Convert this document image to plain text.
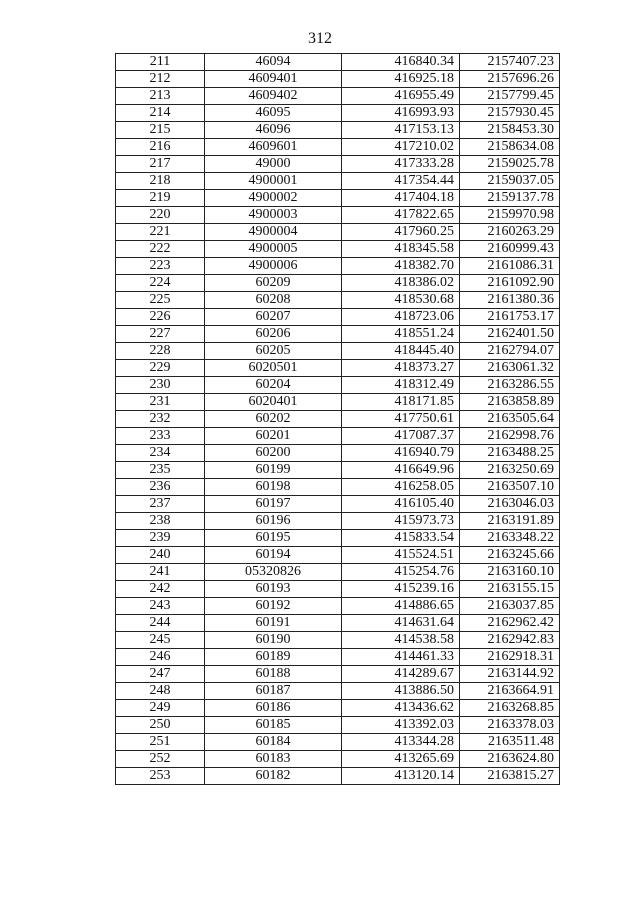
312
211	46094	416840.34	2157407.23
212	4609401	416925.18	2157696.26
213	4609402	416955.49	2157799.45
214	46095	416993.93	2157930.45
215	46096	417153.13	2158453.30
216	4609601	417210.02	2158634.08
217	49000	417333.28	2159025.78
218	4900001	417354.44	2159037.05
219	4900002	417404.18	2159137.78
220	4900003	417822.65	2159970.98
221	4900004	417960.25	2160263.29
222	4900005	418345.58	2160999.43
223	4900006	418382.70	2161086.31
224	60209	418386.02	2161092.90
225	60208	418530.68	2161380.36
226	60207	418723.06	2161753.17
227	60206	418551.24	2162401.50
228	60205	418445.40	2162794.07
229	6020501	418373.27	2163061.32
230	60204	418312.49	2163286.55
231	6020401	418171.85	2163858.89
232	60202	417750.61	2163505.64
233	60201	417087.37	2162998.76
234	60200	416940.79	2163488.25
235	60199	416649.96	2163250.69
236	60198	416258.05	2163507.10
237	60197	416105.40	2163046.03
238	60196	415973.73	2163191.89
239	60195	415833.54	2163348.22
240	60194	415524.51	2163245.66
241	05320826	415254.76	2163160.10
242	60193	415239.16	2163155.15
243	60192	414886.65	2163037.85
244	60191	414631.64	2162962.42
245	60190	414538.58	2162942.83
246	60189	414461.33	2162918.31
247	60188	414289.67	2163144.92
248	60187	413886.50	2163664.91
249	60186	413436.62	2163268.85
250	60185	413392.03	2163378.03
251	60184	413344.28	2163511.48
252	60183	413265.69	2163624.80
253	60182	413120.14	2163815.27
